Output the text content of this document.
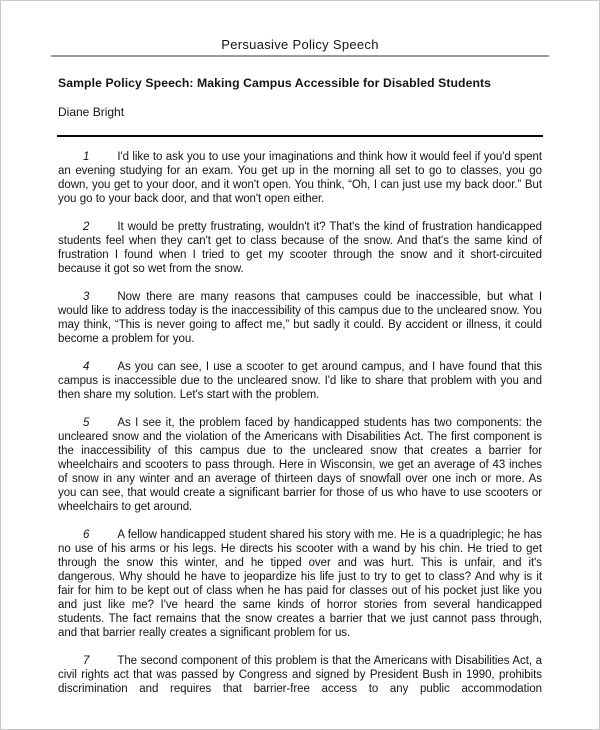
Persuasive Policy Speech
Sample Policy Speech: Making Campus Accessible for Disabled Students
Diane Bright

1 I'd like to ask you to use your imaginations and think how it would feel if you'd spent an evening studying for an exam. You get up in the morning all set to go to classes, you go down, you get to your door, and it won't open. You think, “Oh, I can just use my back door.” But you go to your back door, and that won't open either.

2 It would be pretty frustrating, wouldn't it? That's the kind of frustration handicapped students feel when they can't get to class because of the snow. And that's the same kind of frustration I found when I tried to get my scooter through the snow and it short-circuited because it got so wet from the snow.

3 Now there are many reasons that campuses could be inaccessible, but what I would like to address today is the inaccessibility of this campus due to the uncleared snow. You may think, “This is never going to affect me,” but sadly it could. By accident or illness, it could become a problem for you.

4 As you can see, I use a scooter to get around campus, and I have found that this campus is inaccessible due to the uncleared snow. I'd like to share that problem with you and then share my solution. Let's start with the problem.

5 As I see it, the problem faced by handicapped students has two components: the uncleared snow and the violation of the Americans with Disabilities Act. The first component is the inaccessibility of this campus due to the uncleared snow that creates a barrier for wheelchairs and scooters to pass through. Here in Wisconsin, we get an average of 43 inches of snow in any winter and an average of thirteen days of snowfall over one inch or more. As you can see, that would create a significant barrier for those of us who have to use scooters or wheelchairs to get around.

6 A fellow handicapped student shared his story with me. He is a quadriplegic; he has no use of his arms or his legs. He directs his scooter with a wand by his chin. He tried to get through the snow this winter, and he tipped over and was hurt. This is unfair, and it's dangerous. Why should he have to jeopardize his life just to try to get to class? And why is it fair for him to be kept out of class when he has paid for classes out of his pocket just like you and just like me? I've heard the same kinds of horror stories from several handicapped students. The fact remains that the snow creates a barrier that we just cannot pass through, and that barrier really creates a significant problem for us.

7 The second component of this problem is that the Americans with Disabilities Act, a civil rights act that was passed by Congress and signed by President Bush in 1990, prohibits discrimination and requires that barrier-free access to any public accommodation
